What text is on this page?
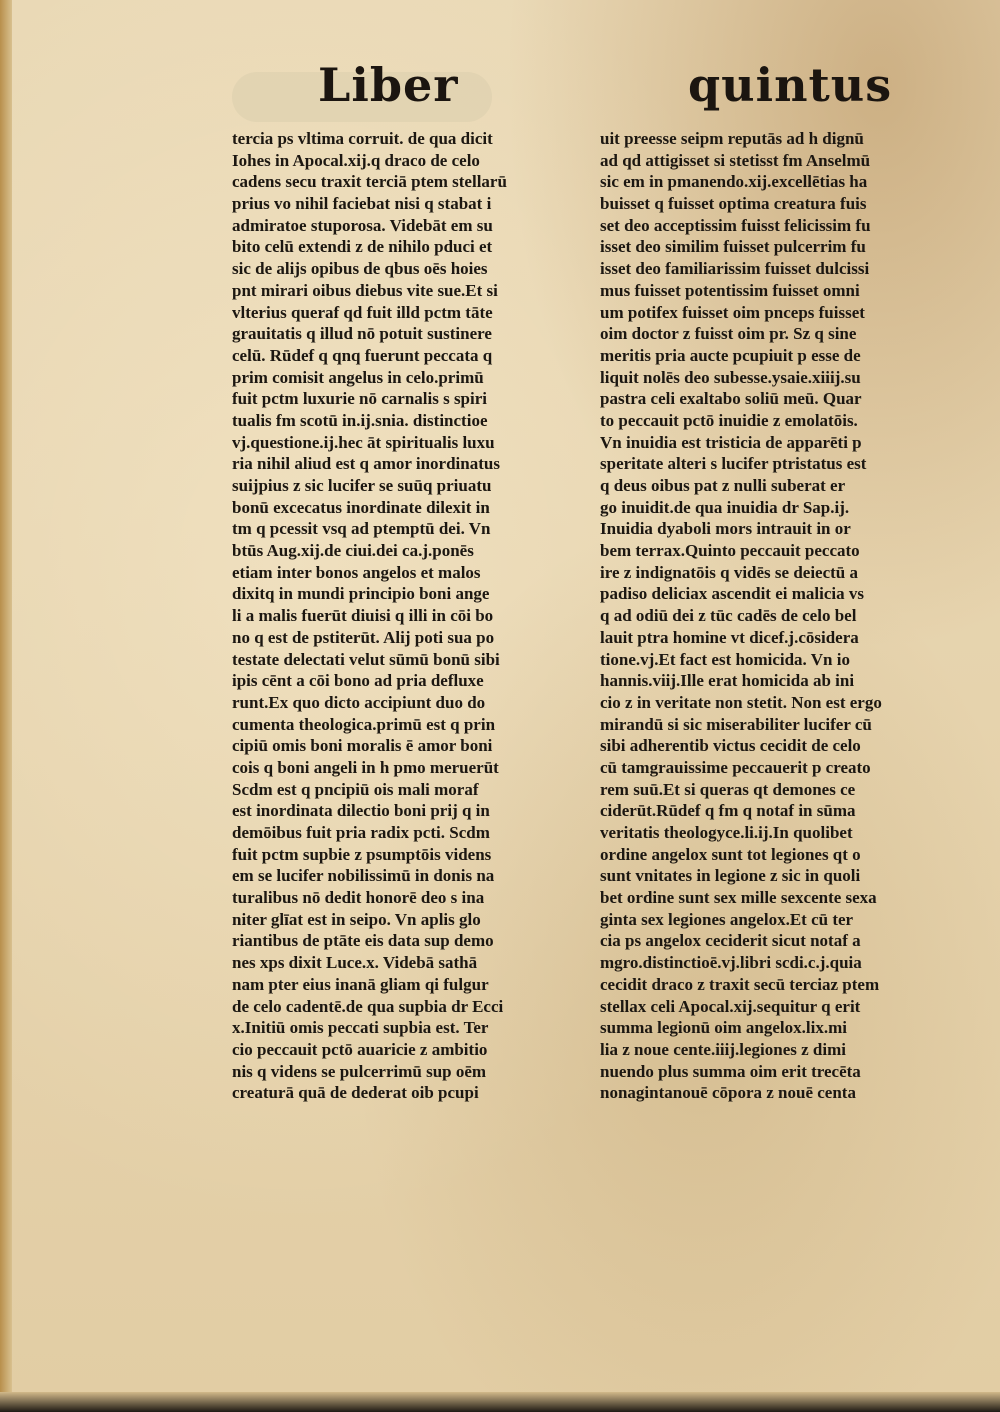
Liber	quintus
tercia ps vltima corruit. de qua dicit
Iohes in Apocal.xij.q draco de celo
cadens secu traxit terciā ptem stellarū
prius vo nihil faciebat nisi q stabat i
admiratoe stuporosa. Videbāt em su
bito celū extendi z de nihilo pduci et
sic de alijs opibus de qbus oēs hoies
pnt mirari oibus diebus vite sue.Et si
vlterius queraf qd fuit illd pctm tāte
grauitatis q illud nō potuit sustinere
celū. Rūdef q qnq fuerunt peccata q
prim comisit angelus in celo.primū
fuit pctm luxurie nō carnalis s spiri
tualis fm scotū in.ij.snia. distinctioe
vj.questione.ij.hec āt spiritualis luxu
ria nihil aliud est q amor inordinatus
suijpius z sic lucifer se suūq priuatu
bonū excecatus inordinate dilexit in
tm q pcessit vsq ad ptemptū dei. Vn
btūs Aug.xij.de ciui.dei ca.j.ponēs
etiam inter bonos angelos et malos
dixitq in mundi principio boni ange
li a malis fuerūt diuisi q illi in cōi bo
no q est de pstiterūt. Alij poti sua po
testate delectati velut sūmū bonū sibi
ipis cēnt a cōi bono ad pria defluxe
runt.Ex quo dicto accipiunt duo do
cumenta theologica.primū est q prin
cipiū omis boni moralis ē amor boni
cois q boni angeli in h pmo meruerūt
Scdm est q pncipiū ois mali moraf
est inordinata dilectio boni prij q in
demōibus fuit pria radix pcti. Scdm
fuit pctm supbie z psumptōis videns
em se lucifer nobilissimū in donis na
turalibus nō dedit honorē deo s ina
niter glīat est in seipo. Vn aplis glo
riantibus de ptāte eis data sup demo
nes xps dixit Luce.x. Videbā sathā
nam pter eius inanā gliam qi fulgur
de celo cadentē.de qua supbia dr Ecci
x.Initiū omis peccati supbia est. Ter
cio peccauit pctō auaricie z ambitio
nis q videns se pulcerrimū sup oēm
creaturā quā de dederat oib pcupi
uit preesse seipm reputās ad h dignū
ad qd attigisset si stetisst fm Anselmū
sic em in pmanendo.xij.excellētias ha
buisset q fuisset optima creatura fuis
set deo acceptissim fuisst felicissim fu
isset deo similim fuisset pulcerrim fu
isset deo familiarissim fuisset dulcissi
mus fuisset potentissim fuisset omni
um potifex fuisset oim pnceps fuisset
oim doctor z fuisst oim pr. Sz q sine
meritis pria aucte pcupiuit p esse de
liquit nolēs deo subesse.ysaie.xiiij.su
pastra celi exaltabo soliū meū. Quar
to peccauit pctō inuidie z emolatōis.
Vn inuidia est tristicia de apparēti p
speritate alteri s lucifer ptristatus est
q deus oibus pat z nulli suberat er
go inuidit.de qua inuidia dr Sap.ij.
Inuidia dyaboli mors intrauit in or
bem terrax.Quinto peccauit peccato
ire z indignatōis q vidēs se deiectū a
padiso deliciax ascendit ei malicia vs
q ad odiū dei z tūc cadēs de celo bel
lauit ptra homine vt dicef.j.cōsidera
tione.vj.Et fact est homicida. Vn io
hannis.viij.Ille erat homicida ab ini
cio z in veritate non stetit. Non est ergo
mirandū si sic miserabiliter lucifer cū
sibi adherentib victus cecidit de celo
cū tamgrauissime peccauerit p creato
rem suū.Et si queras qt demones ce
ciderūt.Rūdef q fm q notaf in sūma
veritatis theologyce.li.ij.In quolibet
ordine angelox sunt tot legiones qt o
sunt vnitates in legione z sic in quoli
bet ordine sunt sex mille sexcente sexa
ginta sex legiones angelox.Et cū ter
cia ps angelox ceciderit sicut notaf a
mgro.distinctioē.vj.libri scdi.c.j.quia
cecidit draco z traxit secū terciaz ptem
stellax celi Apocal.xij.sequitur q erit
summa legionū oim angelox.lix.mi
lia z noue cente.iiij.legiones z dimi
nuendo plus summa oim erit trecēta
nonagintanouē cōpora z nouē centa
